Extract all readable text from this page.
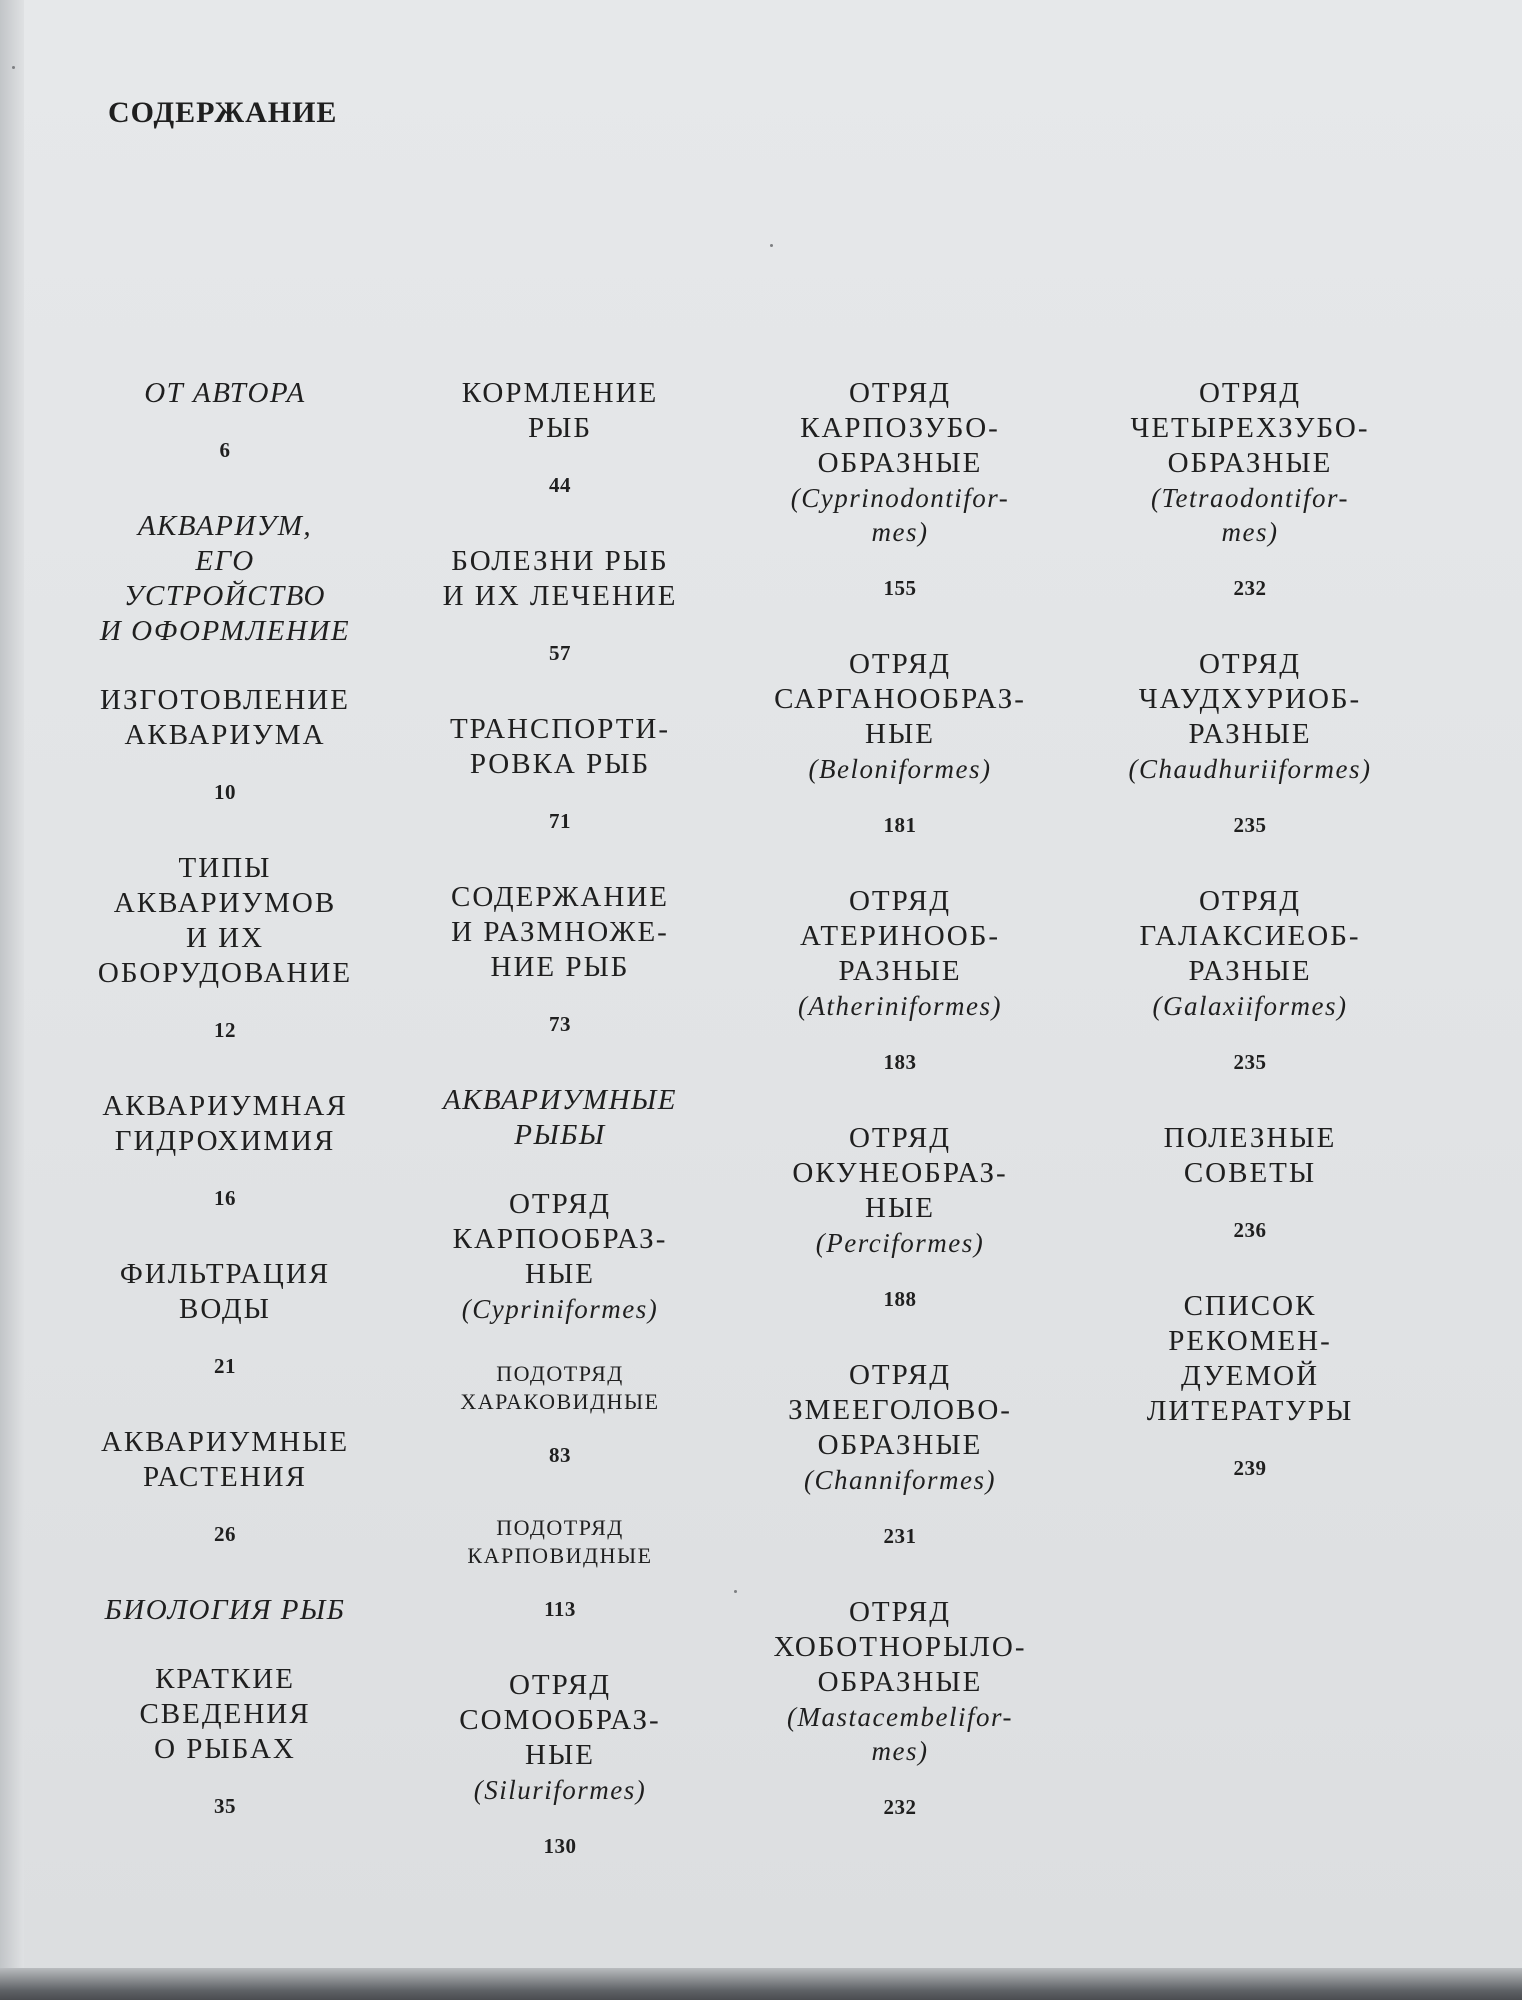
СОДЕРЖАНИЕ
ОТ АВТОРА
6
АКВАРИУМ,
ЕГО
УСТРОЙСТВО
И ОФОРМЛЕНИЕ
ИЗГОТОВЛЕНИЕ
АКВАРИУМА
10
ТИПЫ
АКВАРИУМОВ
И ИХ
ОБОРУДОВАНИЕ
12
АКВАРИУМНАЯ
ГИДРОХИМИЯ
16
ФИЛЬТРАЦИЯ
ВОДЫ
21
АКВАРИУМНЫЕ
РАСТЕНИЯ
26
БИОЛОГИЯ РЫБ
КРАТКИЕ
СВЕДЕНИЯ
О РЫБАХ
35
КОРМЛЕНИЕ
РЫБ
44
БОЛЕЗНИ РЫБ
И ИХ ЛЕЧЕНИЕ
57
ТРАНСПОРТИ-
РОВКА РЫБ
71
СОДЕРЖАНИЕ
И РАЗМНОЖЕ-
НИЕ РЫБ
73
АКВАРИУМНЫЕ
РЫБЫ
ОТРЯД
КАРПООБРАЗ-
НЫЕ
(Cypriniformes)
ПОДОТРЯД
ХАРАКОВИДНЫЕ
83
ПОДОТРЯД
КАРПОВИДНЫЕ
113
ОТРЯД
СОМООБРАЗ-
НЫЕ
(Siluriformes)
130
ОТРЯД
КАРПОЗУБО-
ОБРАЗНЫЕ
(Cyprinodontifor-
mes)
155
ОТРЯД
САРГАНООБРАЗ-
НЫЕ
(Beloniformes)
181
ОТРЯД
АТЕРИНООБ-
РАЗНЫЕ
(Atheriniformes)
183
ОТРЯД
ОКУНЕОБРАЗ-
НЫЕ
(Perciformes)
188
ОТРЯД
ЗМЕЕГОЛОВО-
ОБРАЗНЫЕ
(Channiformes)
231
ОТРЯД
ХОБОТНОРЫЛО-
ОБРАЗНЫЕ
(Mastacembelifor-
mes)
232
ОТРЯД
ЧЕТЫРЕХЗУБО-
ОБРАЗНЫЕ
(Tetraodontifor-
mes)
232
ОТРЯД
ЧАУДХУРИОБ-
РАЗНЫЕ
(Chaudhuriiformes)
235
ОТРЯД
ГАЛАКСИЕОБ-
РАЗНЫЕ
(Galaxiiformes)
235
ПОЛЕЗНЫЕ
СОВЕТЫ
236
СПИСОК
РЕКОМЕН-
ДУЕМОЙ
ЛИТЕРАТУРЫ
239
